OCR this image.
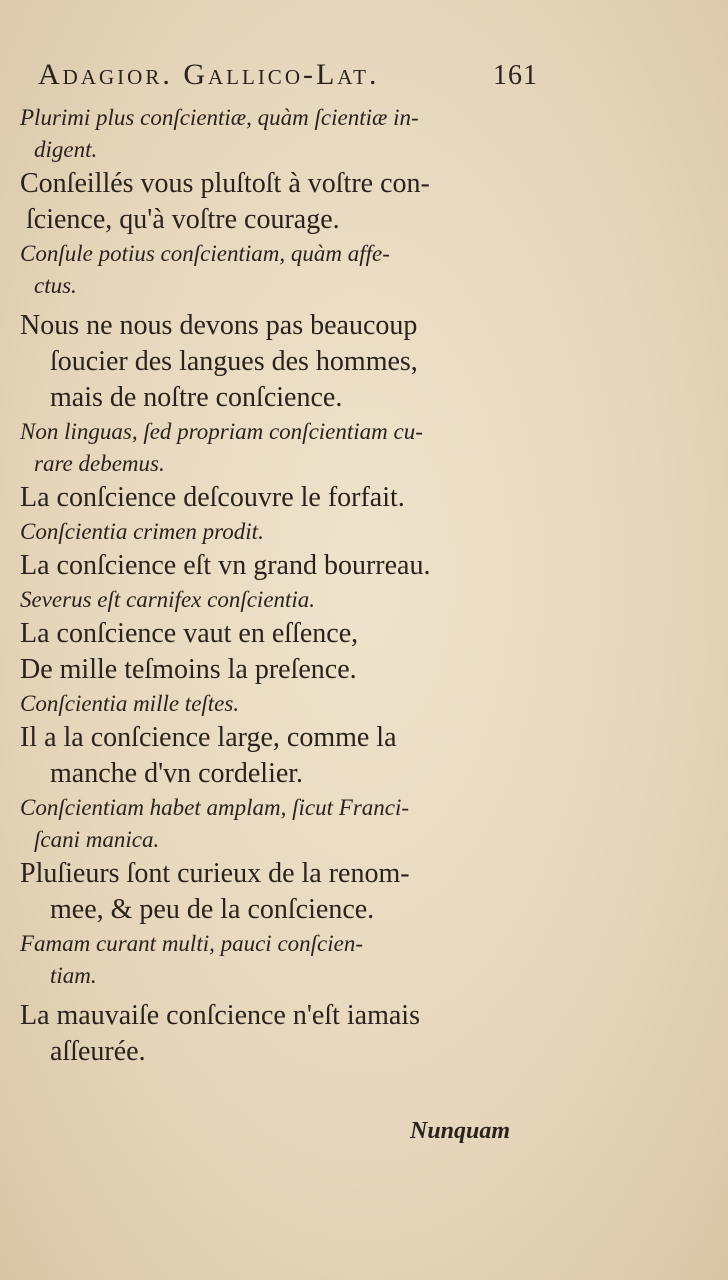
Adagior. Gallico-Lat.	161
Plurimi plus conſcientiæ, quàm ſcientiæ in-
digent.
Conſeillés vous pluſtoſt à voſtre con-
ſcience, qu'à voſtre courage.
Conſule potius conſcientiam, quàm affe-
ctus.
Nous ne nous devons pas beaucoup
ſoucier des langues des hommes,
mais de noſtre conſcience.
Non linguas, ſed propriam conſcientiam cu-
rare debemus.
La conſcience deſcouvre le forfait.
Conſcientia crimen prodit.
La conſcience eſt vn grand bourreau.
Severus eſt carnifex conſcientia.
La conſcience vaut en eſſence,
De mille teſmoins la preſence.
Conſcientia mille teſtes.
Il a la conſcience large, comme la
manche d'vn cordelier.
Conſcientiam habet amplam, ſicut Franci-
ſcani manica.
Pluſieurs ſont curieux de la renom-
mee, & peu de la conſcience.
Famam curant multi, pauci conſcien-
tiam.
La mauvaiſe conſcience n'eſt iamais
aſſeurée.
Nunquam
